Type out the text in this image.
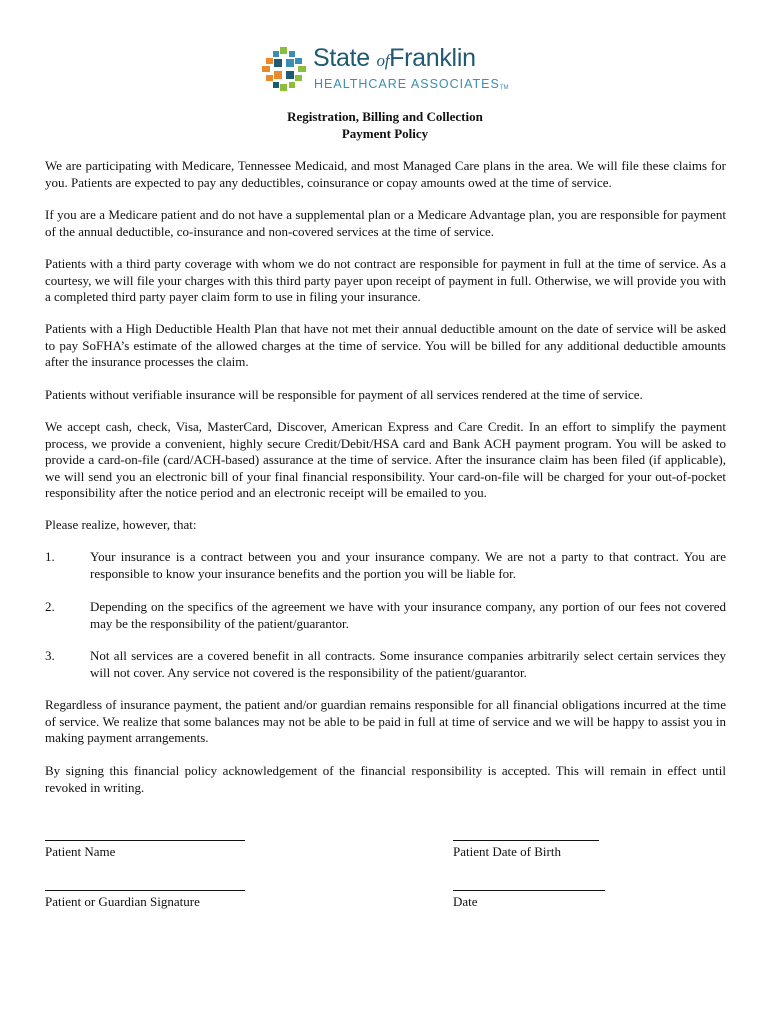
State ofFranklin
HEALTHCARE ASSOCIATESTM
Registration, Billing and Collection
Payment Policy

We are participating with Medicare, Tennessee Medicaid, and most Managed Care plans in the area. We will file these claims for you. Patients are expected to pay any deductibles, coinsurance or copay amounts owed at the time of service.

If you are a Medicare patient and do not have a supplemental plan or a Medicare Advantage plan, you are responsible for payment of the annual deductible, co-insurance and non-covered services at the time of service.

Patients with a third party coverage with whom we do not contract are responsible for payment in full at the time of service. As a courtesy, we will file your charges with this third party payer upon receipt of payment in full. Otherwise, we will provide you with a completed third party payer claim form to use in filing your insurance.

Patients with a High Deductible Health Plan that have not met their annual deductible amount on the date of service will be asked to pay SoFHA’s estimate of the allowed charges at the time of service. You will be billed for any additional deductible amounts after the insurance processes the claim.

Patients without verifiable insurance will be responsible for payment of all services rendered at the time of service.

We accept cash, check, Visa, MasterCard, Discover, American Express and Care Credit. In an effort to simplify the payment process, we provide a convenient, highly secure Credit/Debit/HSA card and Bank ACH payment program. You will be asked to provide a card-on-file (card/ACH-based) assurance at the time of service. After the insurance claim has been filed (if applicable), we will send you an electronic bill of your final financial responsibility. Your card-on-file will be charged for your out-of-pocket responsibility after the notice period and an electronic receipt will be emailed to you.

Please realize, however, that:

1.	Your insurance is a contract between you and your insurance company. We are not a party to that contract. You are responsible to know your insurance benefits and the portion you will be liable for.

2.	Depending on the specifics of the agreement we have with your insurance company, any portion of our fees not covered may be the responsibility of the patient/guarantor.

3.	Not all services are a covered benefit in all contracts. Some insurance companies arbitrarily select certain services they will not cover. Any service not covered is the responsibility of the patient/guarantor.

Regardless of insurance payment, the patient and/or guardian remains responsible for all financial obligations incurred at the time of service. We realize that some balances may not be able to be paid in full at time of service and we will be happy to assist you in making payment arrangements.

By signing this financial policy acknowledgement of the financial responsibility is accepted. This will remain in effect until revoked in writing.

Patient Name	Patient Date of Birth
Patient or Guardian Signature	Date
